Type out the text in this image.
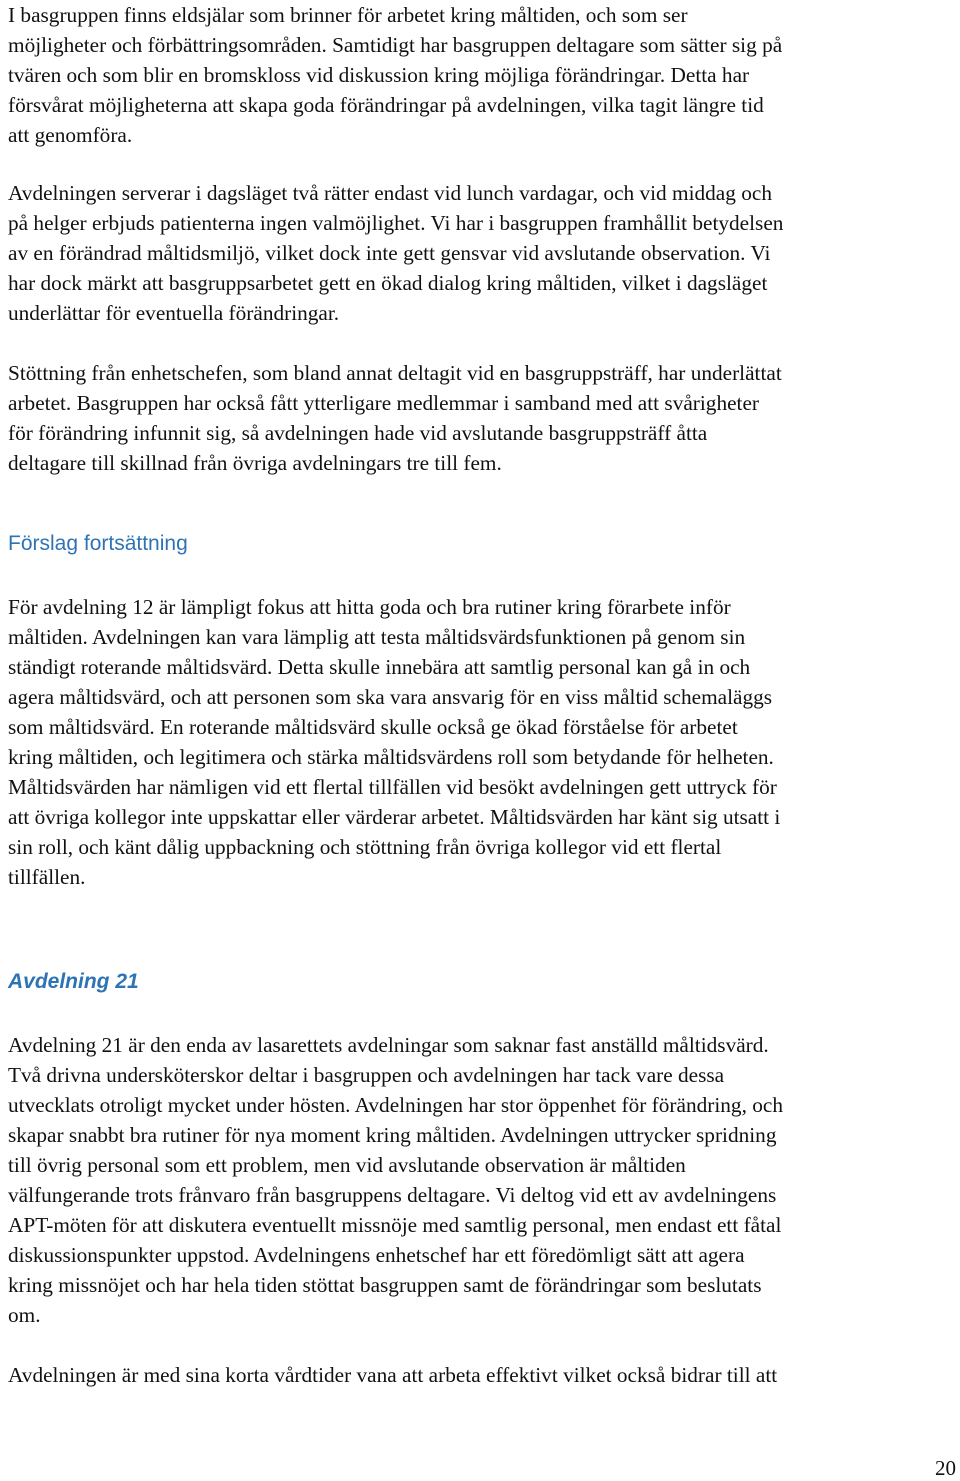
I basgruppen finns eldsjälar som brinner för arbetet kring måltiden, och som ser
möjligheter och förbättringsområden. Samtidigt har basgruppen deltagare som sätter sig på
tvären och som blir en bromskloss vid diskussion kring möjliga förändringar. Detta har
försvårat möjligheterna att skapa goda förändringar på avdelningen, vilka tagit längre tid
att genomföra.
Avdelningen serverar i dagsläget två rätter endast vid lunch vardagar, och vid middag och
på helger erbjuds patienterna ingen valmöjlighet. Vi har i basgruppen framhållit betydelsen
av en förändrad måltidsmiljö, vilket dock inte gett gensvar vid avslutande observation. Vi
har dock märkt att basgruppsarbetet gett en ökad dialog kring måltiden, vilket i dagsläget
underlättar för eventuella förändringar.
Stöttning från enhetschefen, som bland annat deltagit vid en basgruppsträff, har underlättat
arbetet. Basgruppen har också fått ytterligare medlemmar i samband med att svårigheter
för förändring infunnit sig, så avdelningen hade vid avslutande basgruppsträff åtta
deltagare till skillnad från övriga avdelningars tre till fem.
Förslag fortsättning
För avdelning 12 är lämpligt fokus att hitta goda och bra rutiner kring förarbete inför
måltiden. Avdelningen kan vara lämplig att testa måltidsvärdsfunktionen på genom sin
ständigt roterande måltidsvärd. Detta skulle innebära att samtlig personal kan gå in och
agera måltidsvärd, och att personen som ska vara ansvarig för en viss måltid schemaläggs
som måltidsvärd. En roterande måltidsvärd skulle också ge ökad förståelse för arbetet
kring måltiden, och legitimera och stärka måltidsvärdens roll som betydande för helheten.
Måltidsvärden har nämligen vid ett flertal tillfällen vid besökt avdelningen gett uttryck för
att övriga kollegor inte uppskattar eller värderar arbetet. Måltidsvärden har känt sig utsatt i
sin roll, och känt dålig uppbackning och stöttning från övriga kollegor vid ett flertal
tillfällen.
Avdelning 21
Avdelning 21 är den enda av lasarettets avdelningar som saknar fast anställd måltidsvärd.
Två drivna undersköterskor deltar i basgruppen och avdelningen har tack vare dessa
utvecklats otroligt mycket under hösten. Avdelningen har stor öppenhet för förändring, och
skapar snabbt bra rutiner för nya moment kring måltiden. Avdelningen uttrycker spridning
till övrig personal som ett problem, men vid avslutande observation är måltiden
välfungerande trots frånvaro från basgruppens deltagare. Vi deltog vid ett av avdelningens
APT-möten för att diskutera eventuellt missnöje med samtlig personal, men endast ett fåtal
diskussionspunkter uppstod. Avdelningens enhetschef har ett föredömligt sätt att agera
kring missnöjet och har hela tiden stöttat basgruppen samt de förändringar som beslutats
om.
Avdelningen är med sina korta vårdtider vana att arbeta effektivt vilket också bidrar till att
20
